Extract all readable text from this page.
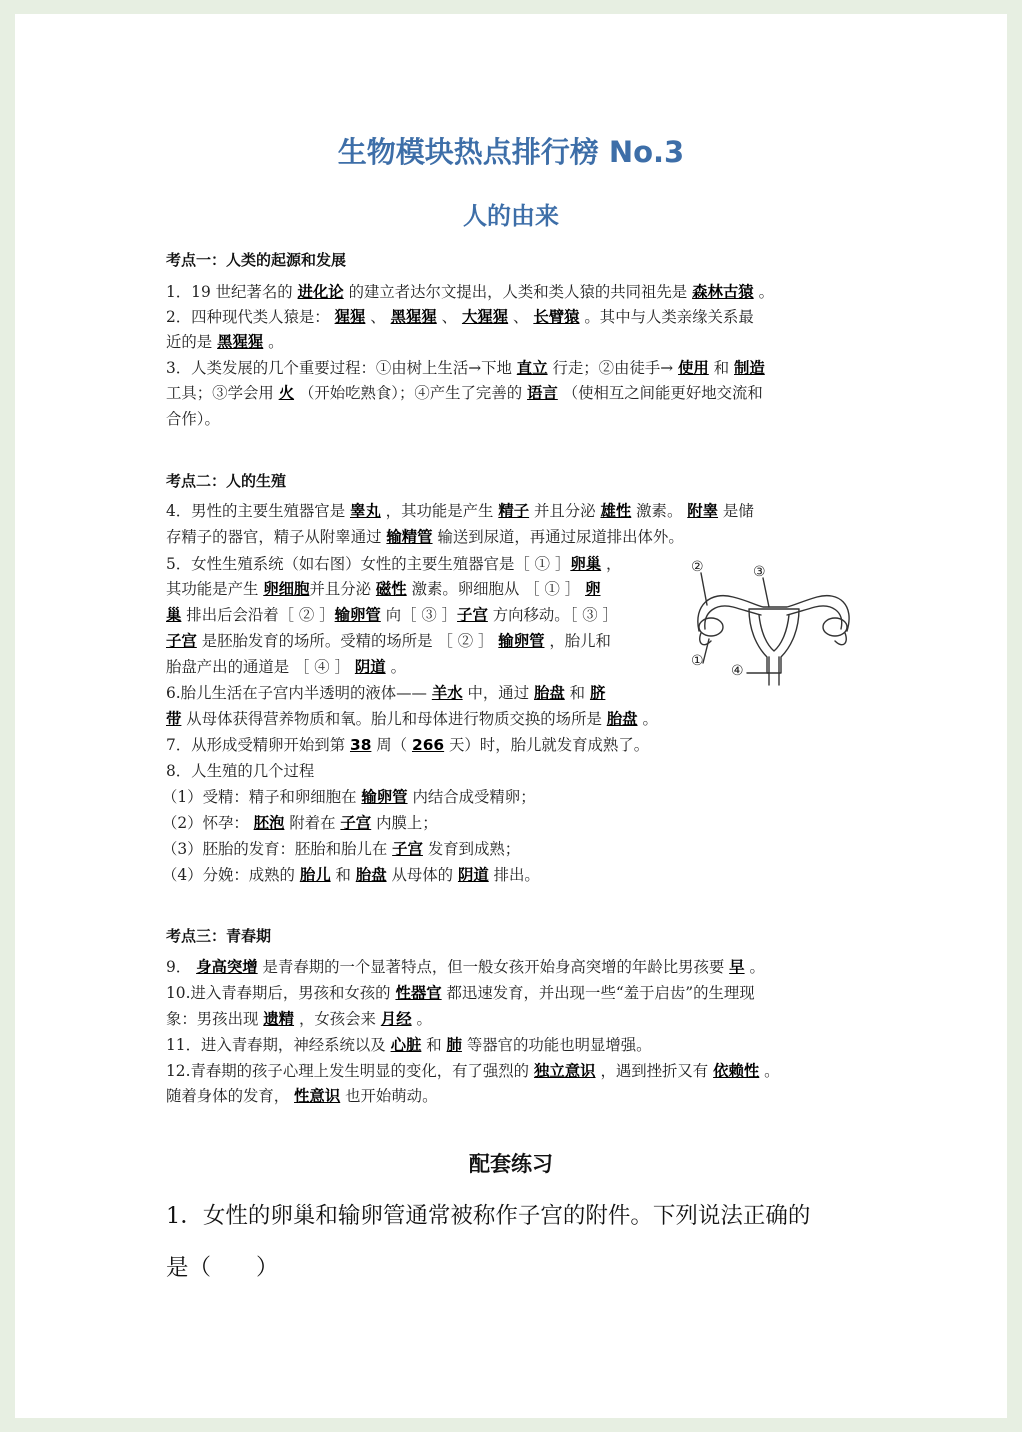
生物模块热点排行榜 No.3
人的由来
考点一：人类的起源和发展
考点二：人的生殖
考点三：青春期
1．19 世纪著名的 进化论 的建立者达尔文提出，人类和类人猿的共同祖先是 森林古猿 。
2．四种现代类人猿是： 猩猩 、 黑猩猩 、 大猩猩 、 长臂猿 。其中与人类亲缘关系最
近的是 黑猩猩 。
3．人类发展的几个重要过程：①由树上生活→下地 直立 行走；②由徒手→ 使用 和 制造
工具；③学会用 火 （开始吃熟食）；④产生了完善的 语言 （使相互之间能更好地交流和
合作）。
4．男性的主要生殖器官是 睾丸 ，其功能是产生 精子 并且分泌 雄性 激素。 附睾 是储
存精子的器官，精子从附睾通过 输精管 输送到尿道，再通过尿道排出体外。
5．女性生殖系统（如右图）女性的主要生殖器官是［ ① ］卵巢 ，
其功能是产生 卵细胞并且分泌 磁性 激素。卵细胞从 ［ ① ］ 卵
巢 排出后会沿着［ ② ］输卵管 向［ ③ ］子宫 方向移动。［ ③ ］
子宫 是胚胎发育的场所。受精的场所是 ［ ② ］ 输卵管 ，胎儿和
胎盘产出的通道是 ［ ④ ］ 阴道 。
6.胎儿生活在子宫内半透明的液体—— 羊水 中，通过 胎盘 和 脐
带 从母体获得营养物质和氧。胎儿和母体进行物质交换的场所是 胎盘 。
7．从形成受精卵开始到第 38 周（ 266 天）时，胎儿就发育成熟了。
8．人生殖的几个过程
（1）受精：精子和卵细胞在 输卵管 内结合成受精卵；
（2）怀孕： 胚泡 附着在 子宫 内膜上；
（3）胚胎的发育：胚胎和胎儿在 子宫 发育到成熟；
（4）分娩：成熟的 胎儿 和 胎盘 从母体的 阴道 排出。
9． 身高突增 是青春期的一个显著特点，但一般女孩开始身高突增的年龄比男孩要 早 。
10.进入青春期后，男孩和女孩的 性器官 都迅速发育，并出现一些“羞于启齿”的生理现
象：男孩出现 遗精 ，女孩会来 月经 。
11．进入青春期，神经系统以及 心脏 和 肺 等器官的功能也明显增强。
12.青春期的孩子心理上发生明显的变化，有了强烈的 独立意识 ，遇到挫折又有 依赖性 。
随着身体的发育， 性意识 也开始萌动。
②	③
①
④
配套练习
1．女性的卵巢和输卵管通常被称作子宫的附件。下列说法正确的
是（　　）
